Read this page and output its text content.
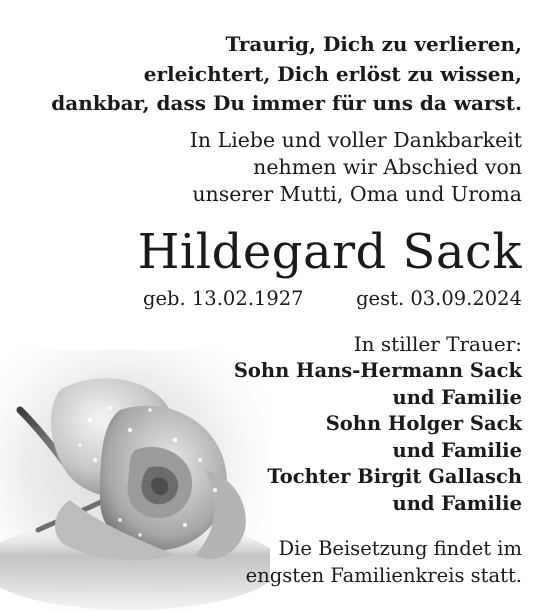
Traurig, Dich zu verlieren,
erleichtert, Dich erlöst zu wissen,
dankbar, dass Du immer für uns da warst.
In Liebe und voller Dankbarkeit
nehmen wir Abschied von
unserer Mutti, Oma und Uroma
Hildegard Sack
geb. 13.02.1927	gest. 03.09.2024
In stiller Trauer:
Sohn Hans-Hermann Sack
und Familie
Sohn Holger Sack
und Familie
Tochter Birgit Gallasch
und Familie
Die Beisetzung findet im
engsten Familienkreis statt.
